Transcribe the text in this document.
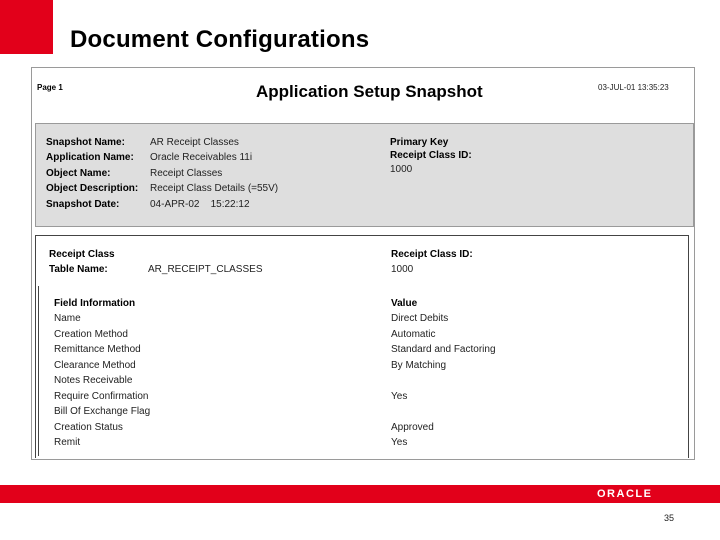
Document Configurations
Page 1	Application Setup Snapshot	03-JUL-01 13:35:23
Snapshot Name:	AR Receipt Classes
Application Name: Oracle Receivables 11i
Object Name:	Receipt Classes
Object Description: Receipt Class Details (=55V)
Snapshot Date:	04-APR-02    15:22:12
Primary Key
Receipt Class ID:
1000
Receipt Class
Table Name:	AR_RECEIPT_CLASSES
Receipt Class ID:
1000
Field Information	Value
Name	Direct Debits
Creation Method	Automatic
Remittance Method	Standard and Factoring
Clearance Method	By Matching
Notes Receivable
Require Confirmation	Yes
Bill Of Exchange Flag
Creation Status	Approved
Remit	Yes
ORACLE
35
